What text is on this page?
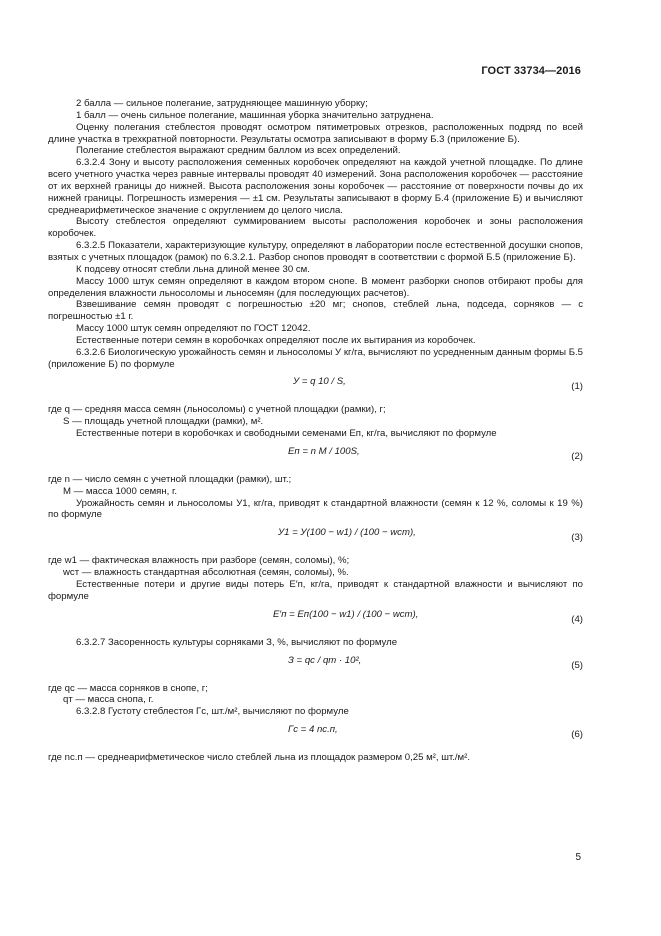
ГОСТ 33734—2016

2 балла — сильное полегание, затрудняющее машинную уборку;

1 балл — очень сильное полегание, машинная уборка значительно затруднена.

Оценку полегания стеблестоя проводят осмотром пятиметровых отрезков, расположенных подряд по всей длине участка в трехкратной повторности. Результаты осмотра записывают в форму Б.3 (приложение Б).

Полегание стеблестоя выражают средним баллом из всех определений.

6.3.2.4 Зону и высоту расположения семенных коробочек определяют на каждой учетной площадке. По длине всего учетного участка через равные интервалы проводят 40 измерений. Зона расположения коробочек — расстояние от их верхней границы до нижней. Высота расположения зоны коробочек — расстояние от поверхности почвы до их нижней границы. Погрешность измерения — ±1 см. Результаты записывают в форму Б.4 (приложение Б) и вычисляют среднеарифметическое значение с округлением до целого числа.

Высоту стеблестоя определяют суммированием высоты расположения коробочек и зоны расположения коробочек.

6.3.2.5 Показатели, характеризующие культуру, определяют в лаборатории после естественной досушки снопов, взятых с учетных площадок (рамок) по 6.3.2.1. Разбор снопов проводят в соответствии с формой Б.5 (приложение Б).

К подсеву относят стебли льна длиной менее 30 см.

Массу 1000 штук семян определяют в каждом втором снопе. В момент разборки снопов отбирают пробы для определения влажности льносоломы и льносемян (для последующих расчетов).

Взвешивание семян проводят с погрешностью ±20 мг; снопов, стеблей льна, подседа, сорняков — с погрешностью ±1 г.

Массу 1000 штук семян определяют по ГОСТ 12042.

Естественные потери семян в коробочках определяют после их вытирания из коробочек.

6.3.2.6 Биологическую урожайность семян и льносоломы У кг/га, вычисляют по усредненным данным формы Б.5 (приложение Б) по формуле

У = q 10 / S,	(1)

где q — средняя масса семян (льносоломы) с учетной площадки (рамки), г;

S — площадь учетной площадки (рамки), м².

Естественные потери в коробочках и свободными семенами Еп, кг/га, вычисляют по формуле

Еп = n M / 100S,	(2)

где n — число семян с учетной площадки (рамки), шт.;

M — масса 1000 семян, г.

Урожайность семян и льносоломы У1, кг/га, приводят к стандартной влажности (семян к 12 %, соломы к 19 %) по формуле

У1 = У(100 − w1) / (100 − wст),	(3)

где w1 — фактическая влажность при разборе (семян, соломы), %;

wст — влажность стандартная абсолютная (семян, соломы), %.

Естественные потери и другие виды потерь Е′п, кг/га, приводят к стандартной влажности и вычисляют по формуле

Е′п = Еп(100 − w1) / (100 − wст),	(4)

6.3.2.7 Засоренность культуры сорняками З, %, вычисляют по формуле

З = qc / qт · 10²,	(5)

где qc — масса сорняков в снопе, г;

qт — масса снопа, г.

6.3.2.8 Густоту стеблестоя Гс, шт./м², вычисляют по формуле

Гс = 4 nс.п,	(6)

где nс.п — среднеарифметическое число стеблей льна из площадок размером 0,25 м², шт./м².

5
